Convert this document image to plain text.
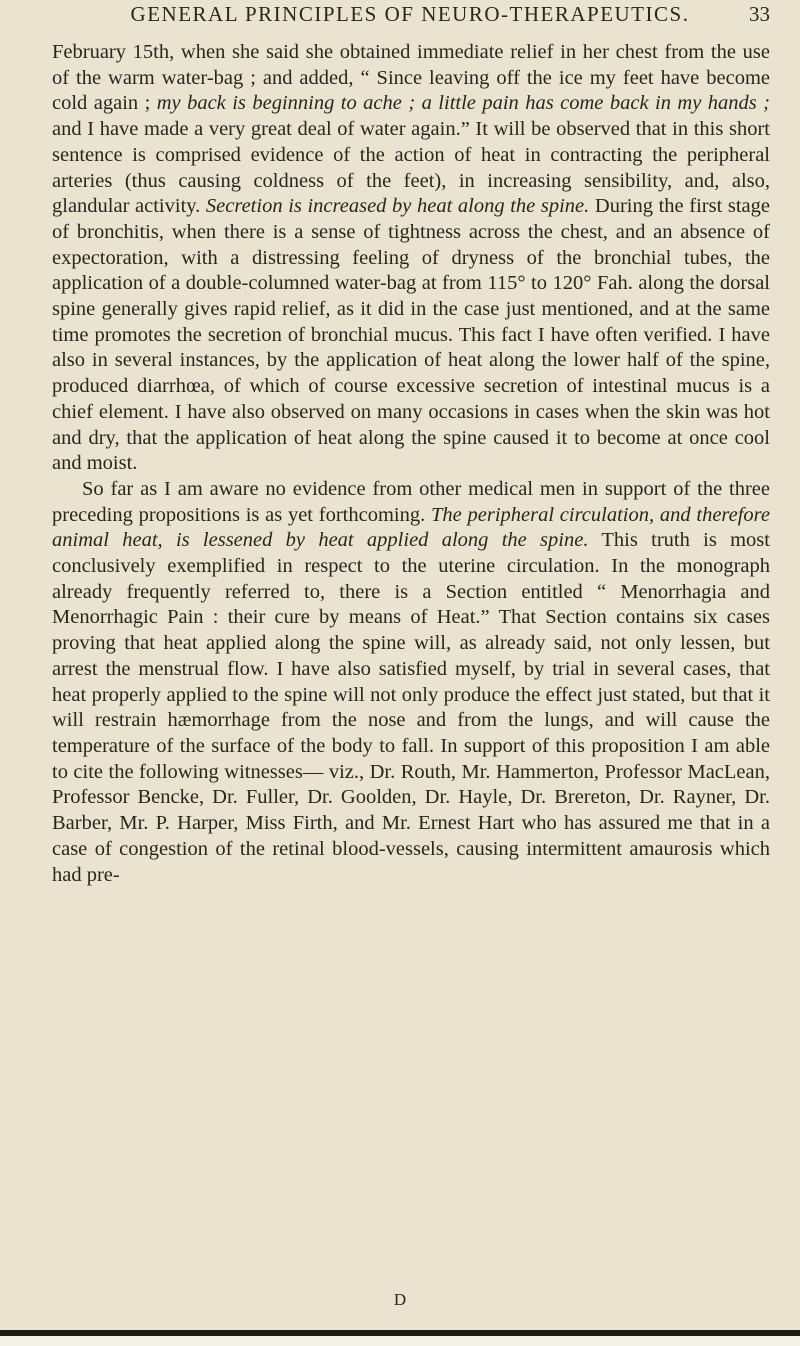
GENERAL PRINCIPLES OF NEURO-THERAPEUTICS.	33

February 15th, when she said she obtained immediate relief in her chest from the use of the warm water-bag ; and added, “ Since leaving off the ice my feet have become cold again ; my back is beginning to ache ; a little pain has come back in my hands ; and I have made a very great deal of water again.” It will be observed that in this short sentence is comprised evidence of the action of heat in contracting the peripheral arteries (thus causing coldness of the feet), in increasing sensibility, and, also, glandular activity. Secretion is increased by heat along the spine. During the first stage of bronchitis, when there is a sense of tightness across the chest, and an absence of expectoration, with a distressing feeling of dryness of the bronchial tubes, the application of a double-columned water-bag at from 115° to 120° Fah. along the dorsal spine generally gives rapid relief, as it did in the case just mentioned, and at the same time promotes the secretion of bronchial mucus. This fact I have often verified. I have also in several instances, by the application of heat along the lower half of the spine, produced diarrhœa, of which of course excessive secretion of intestinal mucus is a chief element. I have also observed on many occasions in cases when the skin was hot and dry, that the application of heat along the spine caused it to become at once cool and moist.

So far as I am aware no evidence from other medical men in support of the three preceding propositions is as yet forthcoming. The peripheral circulation, and therefore animal heat, is lessened by heat applied along the spine. This truth is most conclusively exemplified in respect to the uterine circulation. In the monograph already frequently referred to, there is a Section entitled “ Menorrhagia and Menorrhagic Pain : their cure by means of Heat.” That Section contains six cases proving that heat applied along the spine will, as already said, not only lessen, but arrest the menstrual flow. I have also satisfied myself, by trial in several cases, that heat properly applied to the spine will not only produce the effect just stated, but that it will restrain hæmorrhage from the nose and from the lungs, and will cause the temperature of the surface of the body to fall. In support of this proposition I am able to cite the following witnesses— viz., Dr. Routh, Mr. Hammerton, Professor MacLean, Professor Bencke, Dr. Fuller, Dr. Goolden, Dr. Hayle, Dr. Brereton, Dr. Rayner, Dr. Barber, Mr. P. Harper, Miss Firth, and Mr. Ernest Hart who has assured me that in a case of congestion of the retinal blood-vessels, causing intermittent amaurosis which had pre-

D
